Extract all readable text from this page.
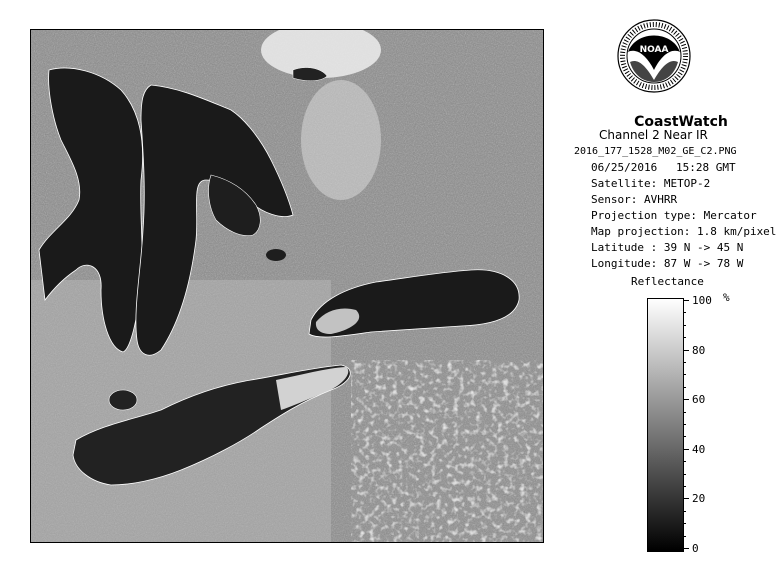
NOAA
CoastWatch
Channel 2 Near IR
2016_177_1528_M02_GE_C2.PNG
06/25/2016 15:28 GMT
Satellite: METOP-2
Sensor: AVHRR
Projection type: Mercator
Map projection: 1.8 km/pixel
Latitude : 39 N -> 45 N
Longitude: 87 W -> 78 W
Reflectance
%
100
80
60
40
20
0
